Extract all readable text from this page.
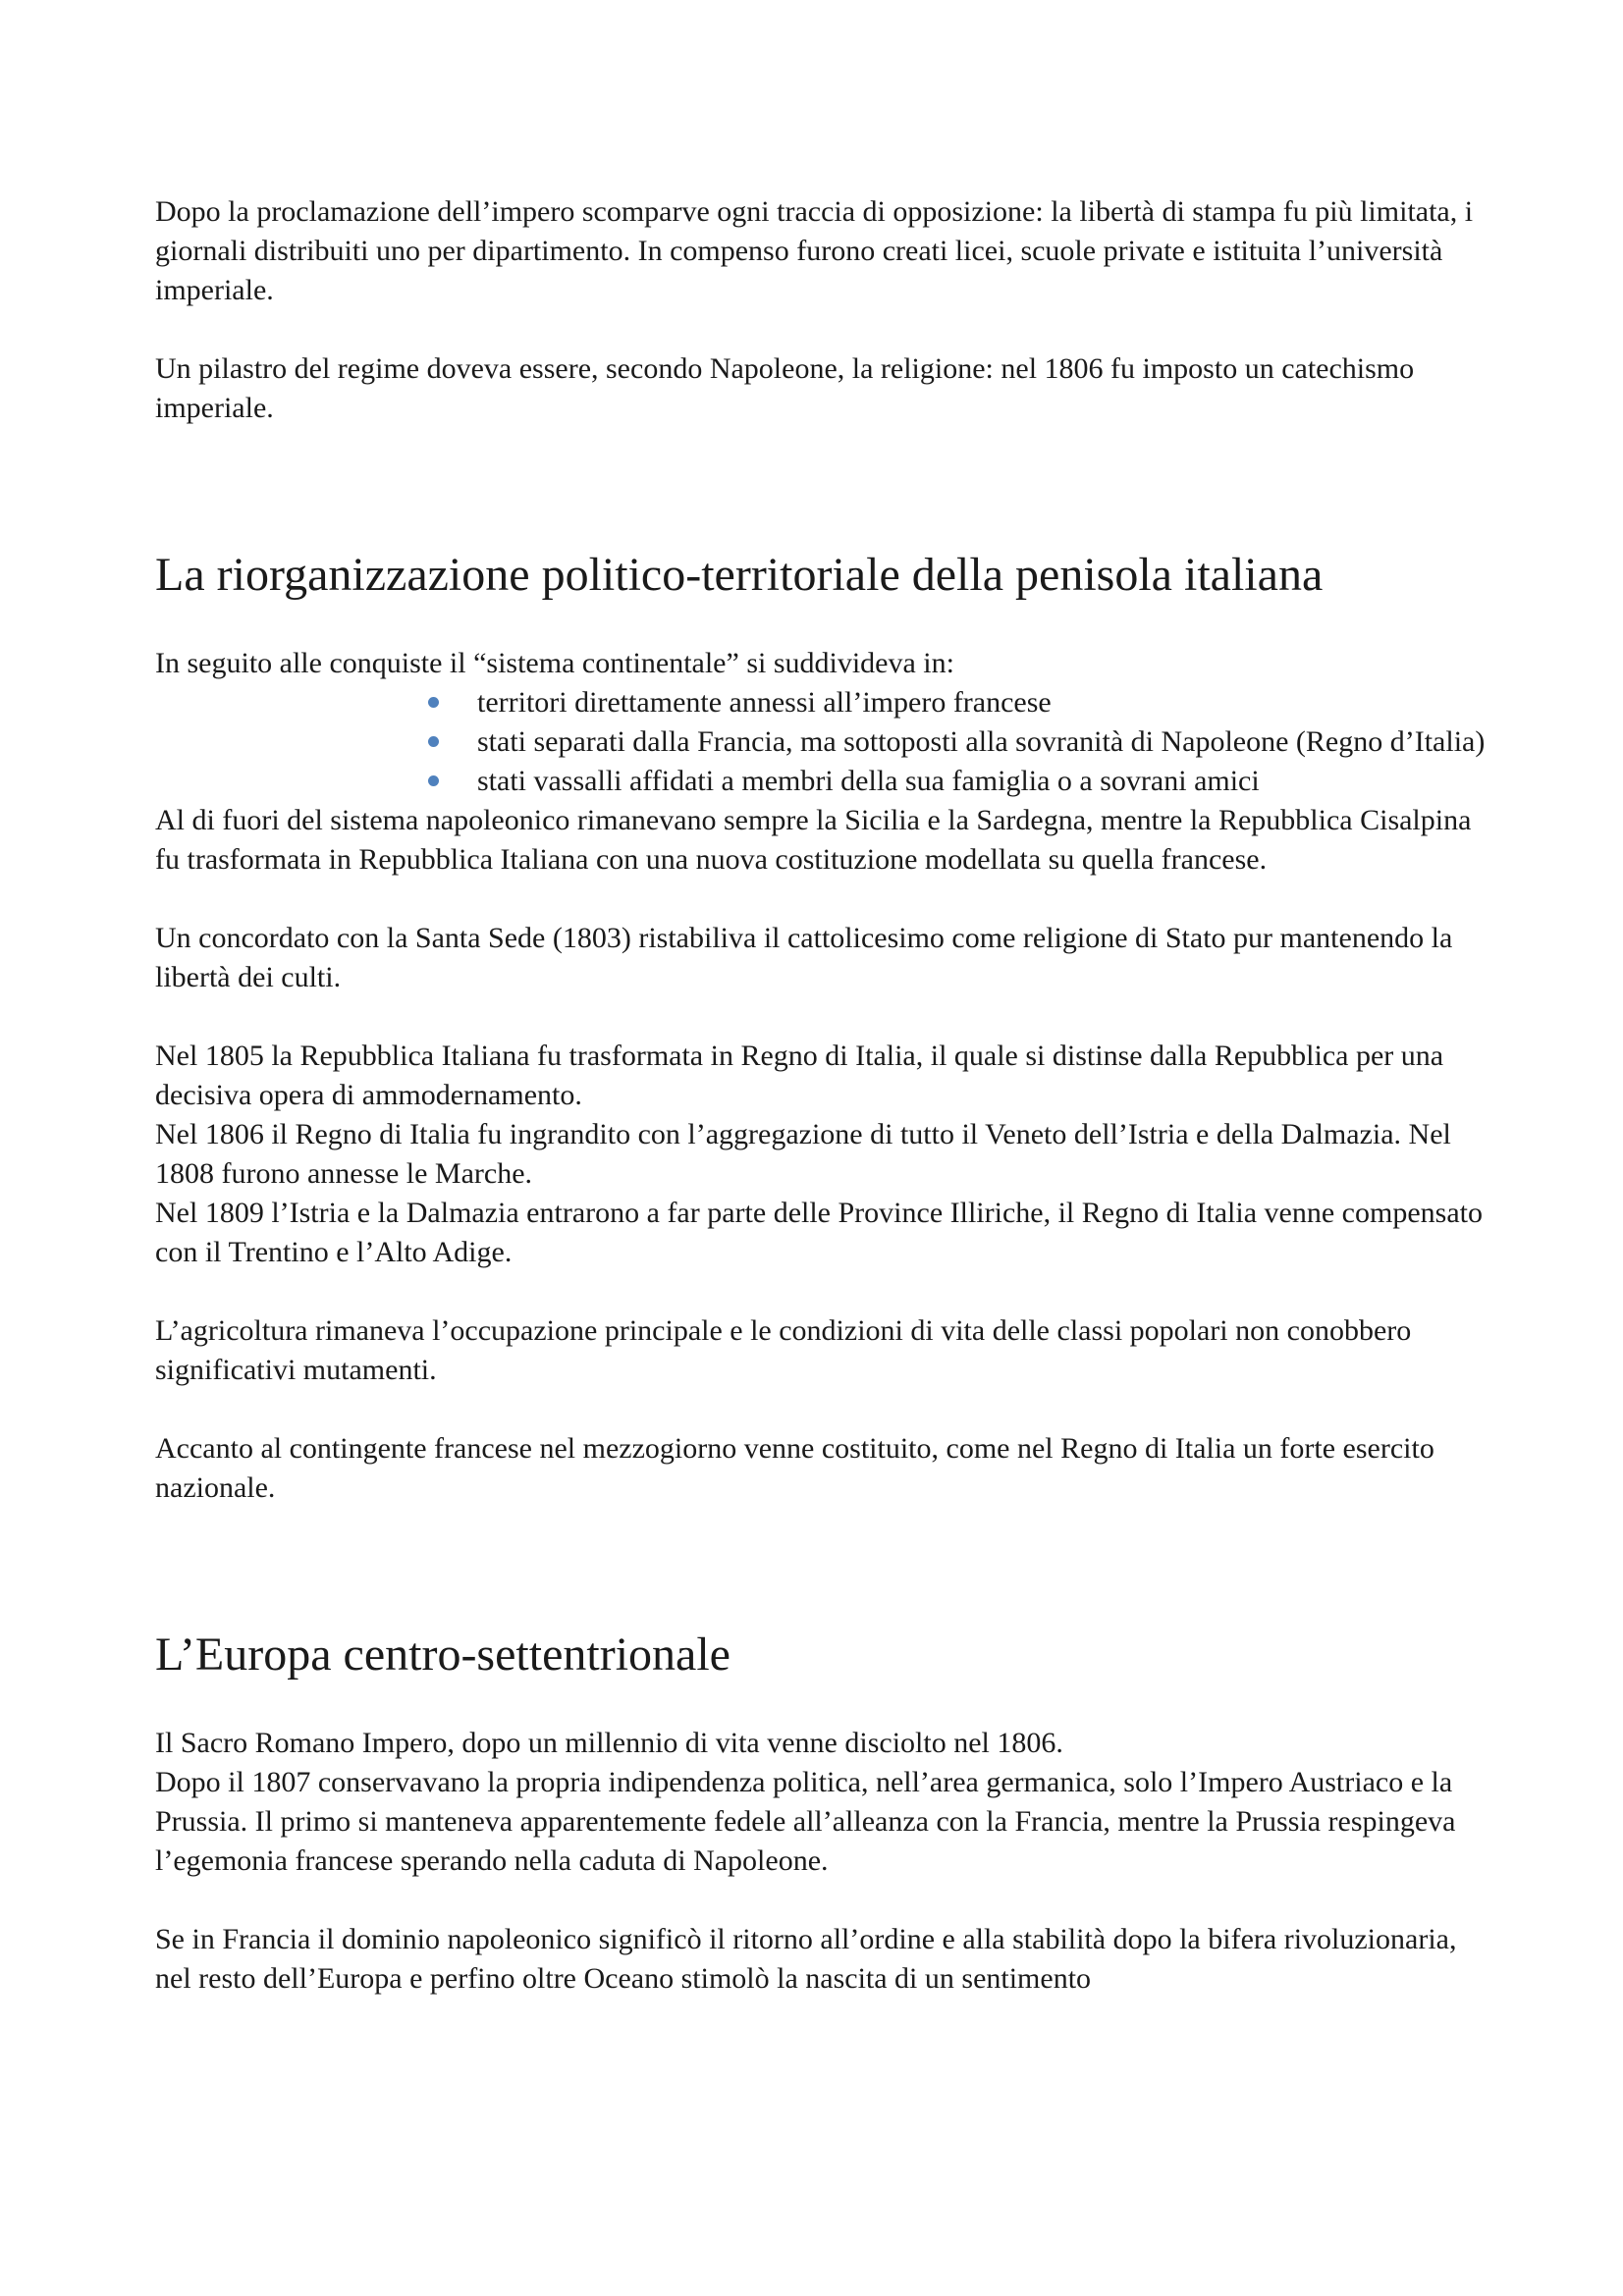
Dopo la proclamazione dell’impero scomparve ogni traccia di opposizione: la libertà di stampa fu più limitata, i giornali distribuiti uno per dipartimento. In compenso furono creati licei, scuole private e istituita l’università imperiale.

Un pilastro del regime doveva essere, secondo Napoleone, la religione: nel 1806 fu imposto un catechismo imperiale.

La riorganizzazione politico-territoriale della penisola italiana

In seguito alle conquiste il “sistema continentale” si suddivideva in:

territori direttamente annessi all’impero francese
stati separati dalla Francia, ma sottoposti alla sovranità di Napoleone (Regno d’Italia)
stati vassalli affidati a membri della sua famiglia o a sovrani amici

Al di fuori del sistema napoleonico rimanevano sempre la Sicilia e la Sardegna, mentre la Repubblica Cisalpina fu trasformata in Repubblica Italiana con una nuova costituzione modellata su quella francese.

Un concordato con la Santa Sede (1803) ristabiliva il cattolicesimo come religione di Stato pur mantenendo la libertà dei culti.

Nel 1805 la Repubblica Italiana fu trasformata in Regno di Italia, il quale si distinse dalla Repubblica per una decisiva opera di ammodernamento.

Nel 1806 il Regno di Italia fu ingrandito con l’aggregazione di tutto il Veneto dell’Istria e della Dalmazia. Nel 1808 furono annesse le Marche.

Nel 1809 l’Istria e la Dalmazia entrarono a far parte delle Province Illiriche, il Regno di Italia venne compensato con il Trentino e l’Alto Adige.

L’agricoltura rimaneva l’occupazione principale e le condizioni di vita delle classi popolari non conobbero significativi mutamenti.

Accanto al contingente francese nel mezzogiorno venne costituito, come nel Regno di Italia un forte esercito nazionale.

L’Europa centro-settentrionale

Il Sacro Romano Impero, dopo un millennio di vita venne disciolto nel 1806.

Dopo il 1807 conservavano la propria indipendenza politica, nell’area germanica, solo l’Impero Austriaco e la Prussia. Il primo si manteneva apparentemente fedele all’alleanza con la Francia, mentre la Prussia respingeva l’egemonia francese sperando nella caduta di Napoleone.

Se in Francia il dominio napoleonico significò il ritorno all’ordine e alla stabilità dopo la bifera rivoluzionaria, nel resto dell’Europa e perfino oltre Oceano stimolò la nascita di un sentimento
